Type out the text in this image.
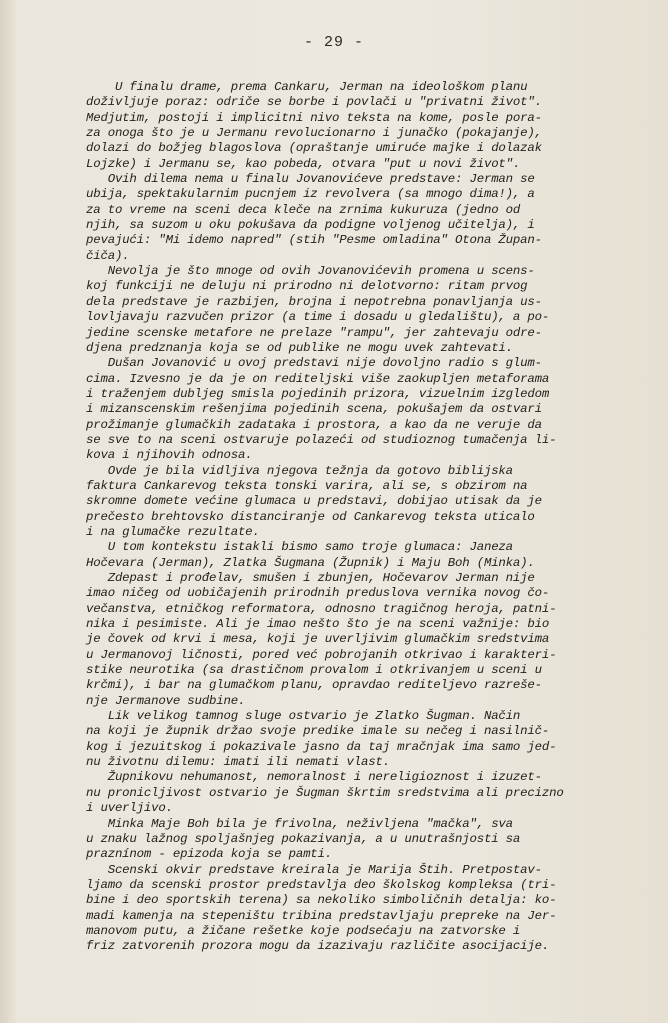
- 29 -
U finalu drame, prema Cankaru, Jerman na ideološkom planu
doživljuje poraz: odriče se borbe i povlači u "privatni život".
Medjutim, postoji i implicitni nivo teksta na kome, posle pora-
za onoga što je u Jermanu revolucionarno i junačko (pokajanje),
dolazi do božjeg blagoslova (opraštanje umiruće majke i dolazak
Lojzke) i Jermanu se, kao pobeda, otvara "put u novi život".
Ovih dilema nema u finalu Jovanovićeve predstave: Jerman se
ubija, spektakularnim pucnjem iz revolvera (sa mnogo dima!), a
za to vreme na sceni deca kleče na zrnima kukuruza (jedno od
njih, sa suzom u oku pokušava da podigne voljenog učitelja), i
pevajući: "Mi idemo napred" (stih "Pesme omladina" Otona Župan-
čiča).
Nevolja je što mnoge od ovih Jovanovićevih promena u scens-
koj funkciji ne deluju ni prirodno ni delotvorno: ritam prvog
dela predstave je razbijen, brojna i nepotrebna ponavljanja us-
lovljavaju razvučen prizor (a time i dosadu u gledalištu), a po-
jedine scenske metafore ne prelaze "rampu", jer zahtevaju odre-
djena predznanja koja se od publike ne mogu uvek zahtevati.
Dušan Jovanović u ovoj predstavi nije dovoljno radio s glum-
cima. Izvesno je da je on rediteljski više zaokupljen metaforama
i traženjem dubljeg smisla pojedinih prizora, vizuelnim izgledom
i mizanscenskim rešenjima pojedinih scena, pokušajem da ostvari
prožimanje glumačkih zadataka i prostora, a kao da ne veruje da
se sve to na sceni ostvaruje polazeći od studioznog tumačenja li-
kova i njihovih odnosa.
Ovde je bila vidljiva njegova težnja da gotovo biblijska
faktura Cankarevog teksta tonski varira, ali se, s obzirom na
skromne domete većine glumaca u predstavi, dobijao utisak da je
prečesto brehtovsko distanciranje od Cankarevog teksta uticalo
i na glumačke rezultate.
U tom kontekstu istakli bismo samo troje glumaca: Janeza
Hočevara (Jerman), Zlatka Šugmana (Župnik) i Maju Boh (Minka).
Zdepast i prođelav, smušen i zbunjen, Hočevarov Jerman nije
imao ničeg od uobičajenih prirodnih preduslova vernika novog čo-
večanstva, etničkog reformatora, odnosno tragičnog heroja, patni-
nika i pesimiste. Ali je imao nešto što je na sceni važnije: bio
je čovek od krvi i mesa, koji je uverljivim glumačkim sredstvima
u Jermanovoj ličnosti, pored već pobrojanih otkrivao i karakteri-
stike neurotika (sa drastičnom provalom i otkrivanjem u sceni u
krčmi), i bar na glumačkom planu, opravdao rediteljevo razreše-
nje Jermanove sudbine.
Lik velikog tamnog sluge ostvario je Zlatko Šugman. Način
na koji je župnik držao svoje predike imale su nečeg i nasilnič-
kog i jezuitskog i pokazivale jasno da taj mračnjak ima samo jed-
nu životnu dilemu: imati ili nemati vlast.
Župnikovu nehumanost, nemoralnost i nereligioznost i izuzet-
nu pronicljivost ostvario je Šugman škrtim sredstvima ali precizno
i uverljivo.
Minka Maje Boh bila je frivolna, neživljena "mačka", sva
u znaku lažnog spoljašnjeg pokazivanja, a u unutrašnjosti sa
praznínom - epizoda koja se pamti.
Scenski okvir predstave kreirala je Marija Štih. Pretpostav-
ljamo da scenski prostor predstavlja deo školskog kompleksa (tri-
bine i deo sportskih terena) sa nekoliko simboličnih detalja: ko-
madi kamenja na stepeništu tribina predstavljaju prepreke na Jer-
manovom putu, a žičane rešetke koje podsećaju na zatvorske i
friz zatvorenih prozora mogu da izazivaju različite asocijacije.
